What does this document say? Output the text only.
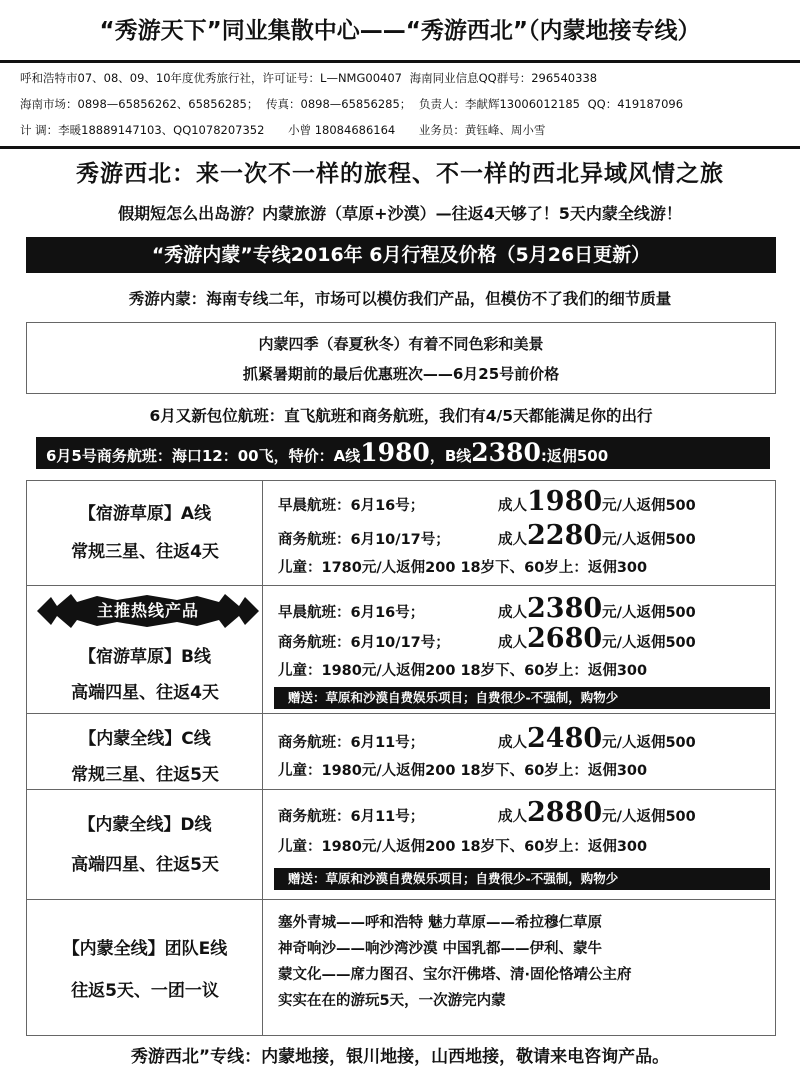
“秀游天下”同业集散中心——“秀游西北”（内蒙地接专线）
呼和浩特市07、08、09、10年度优秀旅行社，许可证号：L—NMG00407 海南同业信息QQ群号：296540338
海南市场：0898—65856262、65856285； 传真：0898—65856285； 负责人：李献辉13006012185 QQ：419187096
计 调：李暖18889147103、QQ1078207352 小曾 18084686164 业务员：黄钰峰、周小雪
秀游西北：来一次不一样的旅程、不一样的西北异域风情之旅
假期短怎么出岛游？内蒙旅游（草原+沙漠）—往返4天够了！5天内蒙全线游！
“秀游内蒙”专线2016年 6月行程及价格（5月26日更新）
秀游内蒙：海南专线二年，市场可以模仿我们产品，但模仿不了我们的细节质量
内蒙四季（春夏秋冬）有着不同色彩和美景
抓紧暑期前的最后优惠班次——6月25号前价格
6月又新包位航班：直飞航班和商务航班，我们有4/5天都能满足你的出行
6月5号商务航班：海口12：00飞，特价：A线1980，B线2380:返佣500
【宿游草原】A线
常规三星、往返4天
早晨航班：6月16号；	成人1980元/人返佣500
商务航班：6月10/17号；	成人2280元/人返佣500
儿童：1780元/人返佣200 18岁下、60岁上：返佣300
主推热线产品
【宿游草原】B线
高端四星、往返4天
早晨航班：6月16号；	成人2380元/人返佣500
商务航班：6月10/17号；	成人2680元/人返佣500
儿童：1980元/人返佣200 18岁下、60岁上：返佣300
赠送：草原和沙漠自费娱乐项目；自费很少-不强制，购物少
【内蒙全线】C线
常规三星、往返5天
商务航班：6月11号；	成人2480元/人返佣500
儿童：1980元/人返佣200 18岁下、60岁上：返佣300
【内蒙全线】D线
高端四星、往返5天
商务航班：6月11号；	成人2880元/人返佣500
儿童：1980元/人返佣200 18岁下、60岁上：返佣300
赠送：草原和沙漠自费娱乐项目；自费很少-不强制，购物少
【内蒙全线】团队E线
往返5天、一团一议
塞外青城——呼和浩特 魅力草原——希拉穆仁草原
神奇响沙——响沙湾沙漠 中国乳都——伊利、蒙牛
蒙文化——席力图召、宝尔汗佛塔、清·固伦恪靖公主府
实实在在的游玩5天，一次游完内蒙
秀游西北”专线：内蒙地接，银川地接，山西地接，敬请来电咨询产品。
